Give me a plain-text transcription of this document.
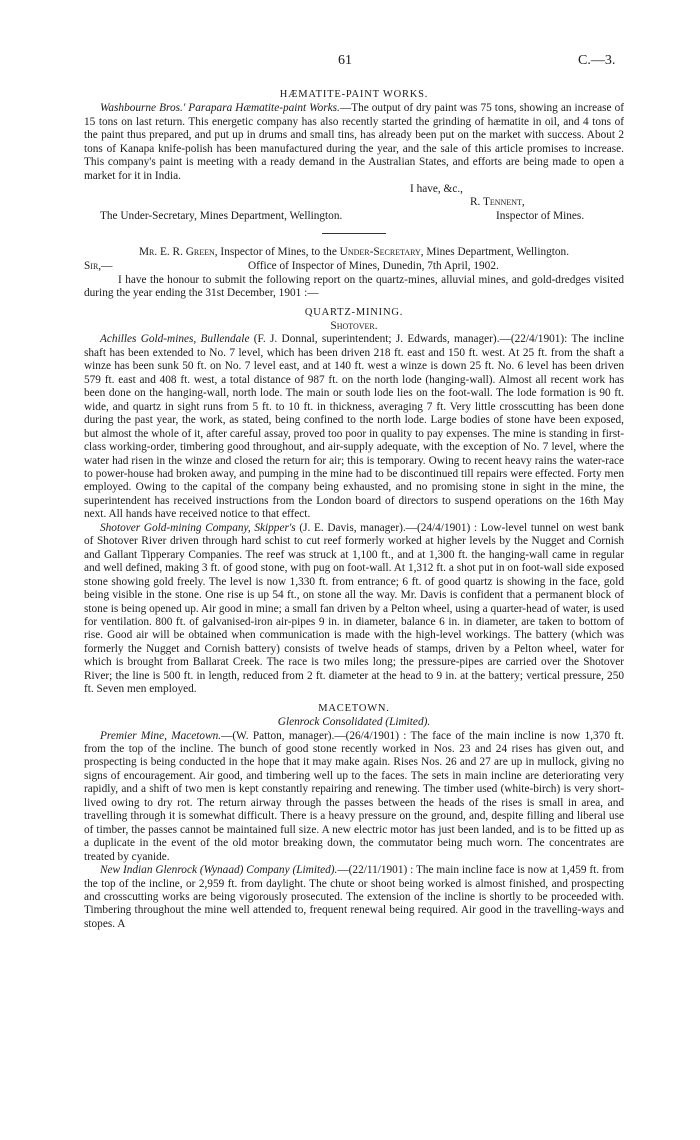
61	C.—3.
HÆMATITE-PAINT WORKS.

Washbourne Bros.' Parapara Hæmatite-paint Works.—The output of dry paint was 75 tons, showing an increase of 15 tons on last return. This energetic company has also recently started the grinding of hæmatite in oil, and 4 tons of the paint thus prepared, and put up in drums and small tins, has already been put on the market with success. About 2 tons of Kanapa knife-polish has been manufactured during the year, and the sale of this article promises to increase. This company's paint is meeting with a ready demand in the Australian States, and efforts are being made to open a market for it in India.

I have, &c.,
R. Tennent,
The Under-Secretary, Mines Department, Wellington.	Inspector of Mines.

Mr. E. R. Green, Inspector of Mines, to the Under-Secretary, Mines Department, Wellington.

Sir,—	Office of Inspector of Mines, Dunedin, 7th April, 1902.

I have the honour to submit the following report on the quartz-mines, alluvial mines, and gold-dredges visited during the year ending the 31st December, 1901 :—

QUARTZ-MINING.
Shotover.

Achilles Gold-mines, Bullendale (F. J. Donnal, superintendent; J. Edwards, manager).—(22/4/1901): The incline shaft has been extended to No. 7 level, which has been driven 218 ft. east and 150 ft. west. At 25 ft. from the shaft a winze has been sunk 50 ft. on No. 7 level east, and at 140 ft. west a winze is down 25 ft. No. 6 level has been driven 579 ft. east and 408 ft. west, a total distance of 987 ft. on the north lode (hanging-wall). Almost all recent work has been done on the hanging-wall, north lode. The main or south lode lies on the foot-wall. The lode formation is 90 ft. wide, and quartz in sight runs from 5 ft. to 10 ft. in thickness, averaging 7 ft. Very little crosscutting has been done during the past year, the work, as stated, being confined to the north lode. Large bodies of stone have been exposed, but almost the whole of it, after careful assay, proved too poor in quality to pay expenses. The mine is standing in first-class working-order, timbering good throughout, and air-supply adequate, with the exception of No. 7 level, where the water had risen in the winze and closed the return for air; this is temporary. Owing to recent heavy rains the water-race to power-house had broken away, and pumping in the mine had to be discontinued till repairs were effected. Forty men employed. Owing to the capital of the company being exhausted, and no promising stone in sight in the mine, the superintendent has received instructions from the London board of directors to suspend operations on the 16th May next. All hands have received notice to that effect.

Shotover Gold-mining Company, Skipper's (J. E. Davis, manager).—(24/4/1901) : Low-level tunnel on west bank of Shotover River driven through hard schist to cut reef formerly worked at higher levels by the Nugget and Cornish and Gallant Tipperary Companies. The reef was struck at 1,100 ft., and at 1,300 ft. the hanging-wall came in regular and well defined, making 3 ft. of good stone, with pug on foot-wall. At 1,312 ft. a shot put in on foot-wall side exposed stone showing gold freely. The level is now 1,330 ft. from entrance; 6 ft. of good quartz is showing in the face, gold being visible in the stone. One rise is up 54 ft., on stone all the way. Mr. Davis is confident that a permanent block of stone is being opened up. Air good in mine; a small fan driven by a Pelton wheel, using a quarter-head of water, is used for ventilation. 800 ft. of galvanised-iron air-pipes 9 in. in diameter, balance 6 in. in diameter, are taken to bottom of rise. Good air will be obtained when communication is made with the high-level workings. The battery (which was formerly the Nugget and Cornish battery) consists of twelve heads of stamps, driven by a Pelton wheel, water for which is brought from Ballarat Creek. The race is two miles long; the pressure-pipes are carried over the Shotover River; the line is 500 ft. in length, reduced from 2 ft. diameter at the head to 9 in. at the battery; vertical pressure, 250 ft. Seven men employed.

MACETOWN.
Glenrock Consolidated (Limited).

Premier Mine, Macetown.—(W. Patton, manager).—(26/4/1901) : The face of the main incline is now 1,370 ft. from the top of the incline. The bunch of good stone recently worked in Nos. 23 and 24 rises has given out, and prospecting is being conducted in the hope that it may make again. Rises Nos. 26 and 27 are up in mullock, giving no signs of encouragement. Air good, and timbering well up to the faces. The sets in main incline are deteriorating very rapidly, and a shift of two men is kept constantly repairing and renewing. The timber used (white-birch) is very short-lived owing to dry rot. The return airway through the passes between the heads of the rises is small in area, and travelling through it is somewhat difficult. There is a heavy pressure on the ground, and, despite filling and liberal use of timber, the passes cannot be maintained full size. A new electric motor has just been landed, and is to be fitted up as a duplicate in the event of the old motor breaking down, the commutator being much worn. The concentrates are treated by cyanide.

New Indian Glenrock (Wynaad) Company (Limited).—(22/11/1901) : The main incline face is now at 1,459 ft. from the top of the incline, or 2,959 ft. from daylight. The chute or shoot being worked is almost finished, and prospecting and crosscutting works are being vigorously prosecuted. The extension of the incline is shortly to be proceeded with. Timbering throughout the mine well attended to, frequent renewal being required. Air good in the travelling-ways and stopes. A
